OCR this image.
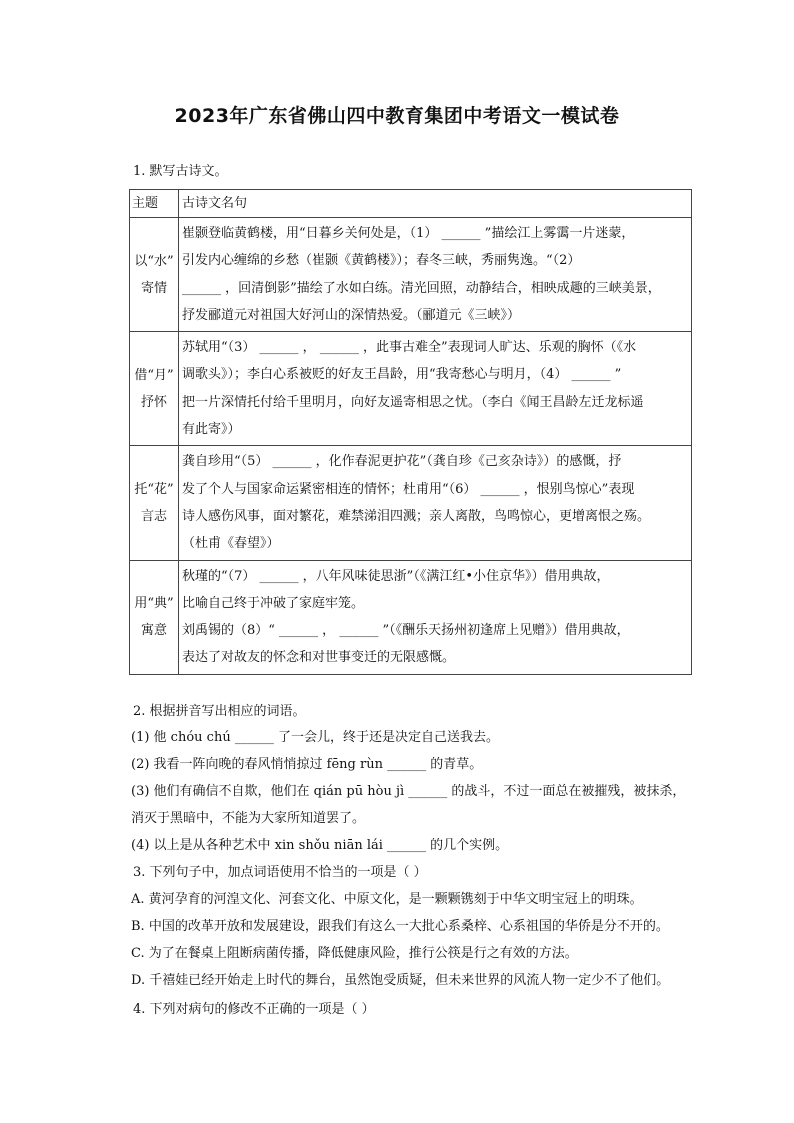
2023年广东省佛山四中教育集团中考语文一模试卷
1. 默写古诗文。
主题	古诗文名句

以“水”
寄情	崔颢登临黄鹤楼，用“日暮乡关何处是，（1） ______ ”描绘江上雾霭一片迷蒙，
引发内心缠绵的乡愁（崔颢《黄鹤楼》）；春冬三峡，秀丽隽逸。“（2）
______ ，回清倒影”描绘了水如白练。清光回照，动静结合，相映成趣的三峡美景，
抒发郦道元对祖国大好河山的深情热爱。（郦道元《三峡》）

借“月”
抒怀	苏轼用“（3） ______ ， ______ ，此事古难全”表现词人旷达、乐观的胸怀（《水
调歌头》）；李白心系被贬的好友王昌龄，用“我寄愁心与明月，（4） ______ ”
把一片深情托付给千里明月，向好友遥寄相思之忧。（李白《闻王昌龄左迁龙标遥
有此寄》）

托“花”
言志	龚自珍用“（5） ______ ，化作春泥更护花”（龚自珍《己亥杂诗》）的感慨，抒
发了个人与国家命运紧密相连的情怀；杜甫用“（6） ______ ，恨别鸟惊心”表现
诗人感伤风事，面对繁花，难禁涕泪四溅；亲人离散，鸟鸣惊心，更增离恨之殇。
（杜甫《春望》）

用“典”
寓意	秋瑾的“（7） ______ ，八年风味徒思浙”（《满江红•小住京华》）借用典故，
比喻自己终于冲破了家庭牢笼。
刘禹锡的（8）“ ______ ， ______ ”（《酬乐天扬州初逢席上见赠》）借用典故，
表达了对故友的怀念和对世事变迁的无限感慨。
2. 根据拼音写出相应的词语。
(1) 他 chóu chú ______ 了一会儿，终于还是决定自己送我去。
(2) 我看一阵向晚的春风悄悄掠过 fēng rùn ______ 的青草。
(3) 他们有确信不自欺，他们在 qián pū hòu jì ______ 的战斗，不过一面总在被摧残，被抹杀，
消灭于黑暗中，不能为大家所知道罢了。
(4) 以上是从各种艺术中 xin shǒu niān lái ______ 的几个实例。
3. 下列句子中，加点词语使用不恰当的一项是（ ）
A. 黄河孕育的河湟文化、河套文化、中原文化，是一颗颗镌刻于中华文明宝冠上的明珠。
B. 中国的改革开放和发展建设，跟我们有这么一大批心系桑梓、心系祖国的华侨是分不开的。
C. 为了在餐桌上阻断病菌传播，降低健康风险，推行公筷是行之有效的方法。
D. 千禧娃已经开始走上时代的舞台，虽然饱受质疑，但未来世界的风流人物一定少不了他们。
4. 下列对病句的修改不正确的一项是（ ）
